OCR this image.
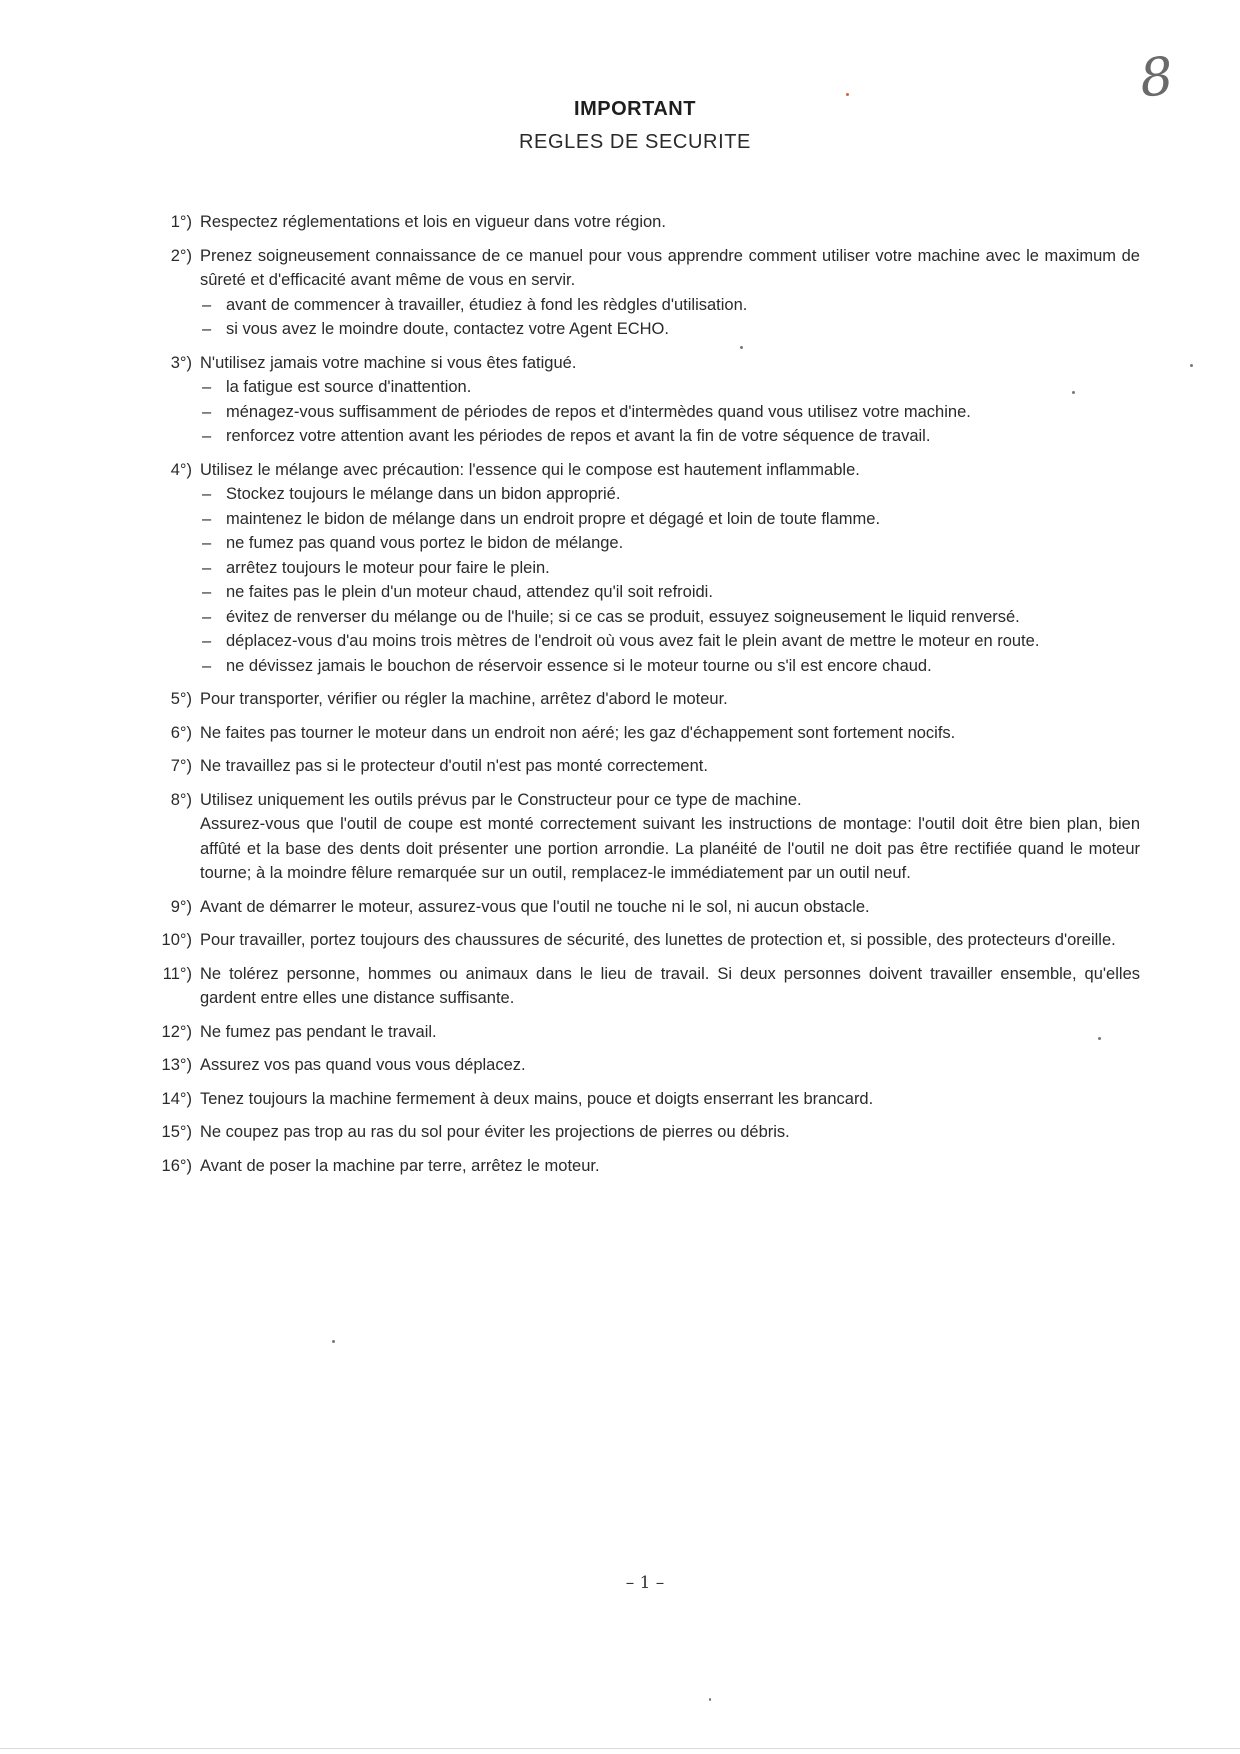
8
IMPORTANT
REGLES DE SECURITE
1°) Respectez réglementations et lois en vigueur dans votre région.
2°) Prenez soigneusement connaissance de ce manuel pour vous apprendre comment utiliser votre machine avec le maximum de sûreté et d'efficacité avant même de vous en servir.
– avant de commencer à travailler, étudiez à fond les rèdgles d'utilisation.
– si vous avez le moindre doute, contactez votre Agent ECHO.
3°) N'utilisez jamais votre machine si vous êtes fatigué.
– la fatigue est source d'inattention.
– ménagez-vous suffisamment de périodes de repos et d'intermèdes quand vous utilisez votre machine.
– renforcez votre attention avant les périodes de repos et avant la fin de votre séquence de travail.
4°) Utilisez le mélange avec précaution: l'essence qui le compose est hautement inflammable.
– Stockez toujours le mélange dans un bidon approprié.
– maintenez le bidon de mélange dans un endroit propre et dégagé et loin de toute flamme.
– ne fumez pas quand vous portez le bidon de mélange.
– arrêtez toujours le moteur pour faire le plein.
– ne faites pas le plein d'un moteur chaud, attendez qu'il soit refroidi.
– évitez de renverser du mélange ou de l'huile; si ce cas se produit, essuyez soigneusement le liquid renversé.
– déplacez-vous d'au moins trois mètres de l'endroit où vous avez fait le plein avant de mettre le moteur en route.
– ne dévissez jamais le bouchon de réservoir essence si le moteur tourne ou s'il est encore chaud.
5°) Pour transporter, vérifier ou régler la machine, arrêtez d'abord le moteur.
6°) Ne faites pas tourner le moteur dans un endroit non aéré; les gaz d'échappement sont fortement nocifs.
7°) Ne travaillez pas si le protecteur d'outil n'est pas monté correctement.
8°) Utilisez uniquement les outils prévus par le Constructeur pour ce type de machine.
Assurez-vous que l'outil de coupe est monté correctement suivant les instructions de montage: l'outil doit être bien plan, bien affûté et la base des dents doit présenter une portion arrondie. La planéité de l'outil ne doit pas être rectifiée quand le moteur tourne; à la moindre fêlure remarquée sur un outil, remplacez-le immédiatement par un outil neuf.
9°) Avant de démarrer le moteur, assurez-vous que l'outil ne touche ni le sol, ni aucun obstacle.
10°) Pour travailler, portez toujours des chaussures de sécurité, des lunettes de protection et, si possible, des protecteurs d'oreille.
11°) Ne tolérez personne, hommes ou animaux dans le lieu de travail. Si deux personnes doivent travailler ensemble, qu'elles gardent entre elles une distance suffisante.
12°) Ne fumez pas pendant le travail.
13°) Assurez vos pas quand vous vous déplacez.
14°) Tenez toujours la machine fermement à deux mains, pouce et doigts enserrant les brancard.
15°) Ne coupez pas trop au ras du sol pour éviter les projections de pierres ou débris.
16°) Avant de poser la machine par terre, arrêtez le moteur.
– 1 –
